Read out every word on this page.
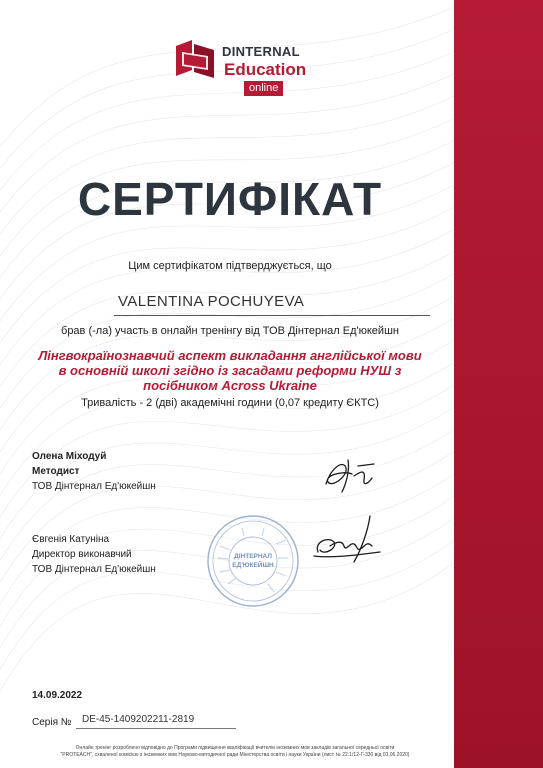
DINTERNAL
Education
online
СЕРТИФІКАТ
Цим сертифікатом підтверджується, що
VALENTINA POCHUYEVA
брав (-ла) участь в онлайн тренінгу від ТОВ Дінтернал Ед'юкейшн
Лінгвокраїнознавчий аспект викладання англійської мови
в основній школі згідно із засадами реформи НУШ з
посібником Across Ukraine
Тривалість - 2 (дві) академічні години (0,07 кредиту ЄКТС)
Олена Міходуй
Методист
ТОВ Дінтернал Ед'юкейшн
Євгенія Катуніна
Директор виконавчий
ТОВ Дінтернал Ед'юкейшн
ДІНТЕРНАЛ
ЕД'ЮКЕЙШН
14.09.2022
Серія № DE-45-1409202211-2819
Онлайн тренінг розроблено відповідно до Програми підвищення кваліфікації вчителів іноземних мов закладів загальної середньої освіти
"PROTEACH", схваленої комісією з іноземних мов Науково-методичної ради Міністерства освіти і науки України (лист № 22.1/12-Г-330 від 03.06.2020)
